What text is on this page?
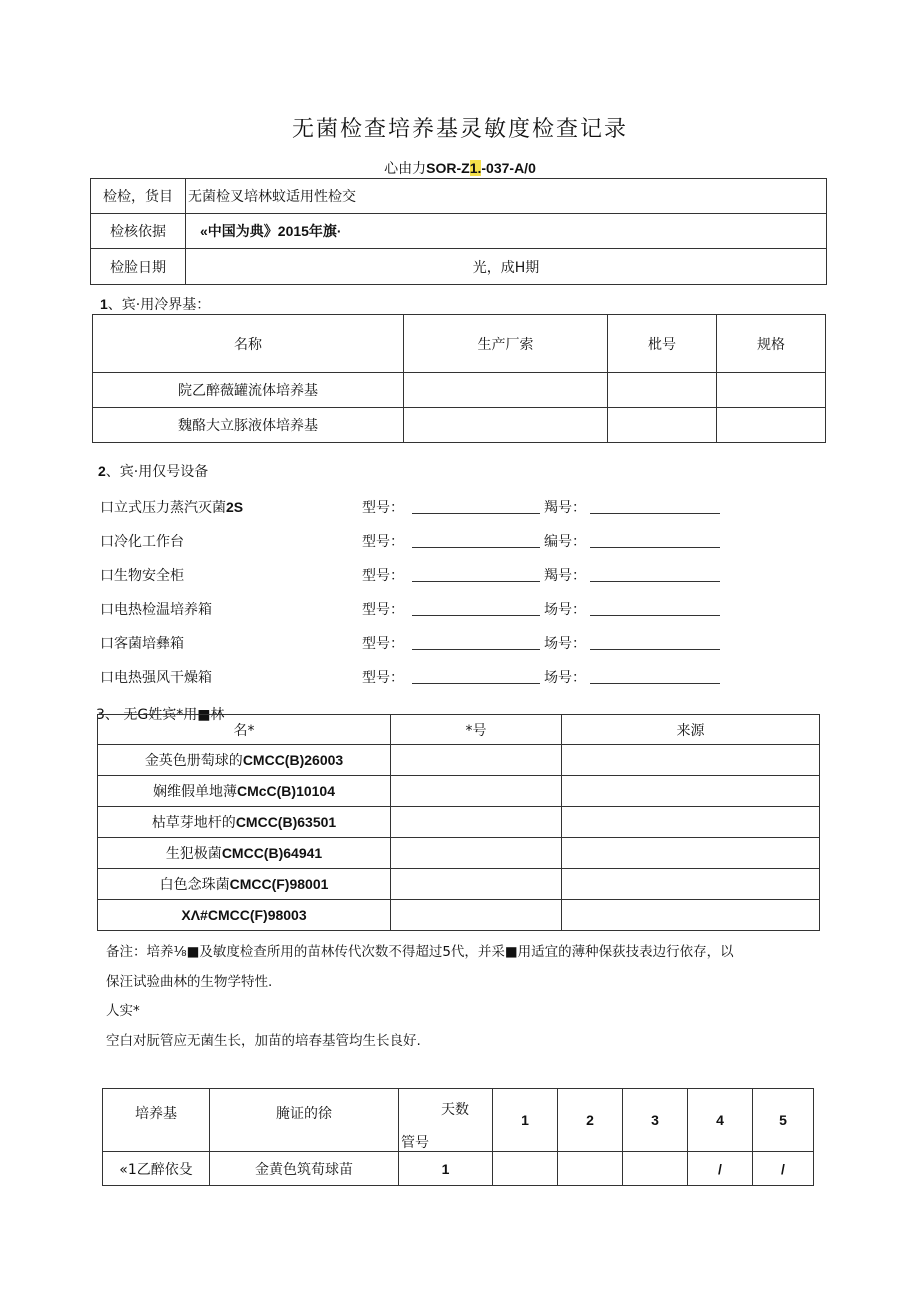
无菌检查培养基灵敏度检查记录
心由力SOR-Z1.-037-A/0
检检，货目	无菌检叉培林蚊适用性检交
检核依据	«中国为典》2015年旗·
检脸日期	光，成H期
1、宾·用冷界基：
名称	生产厂索	枇号	规格
院乙醉薇罐流体培养基			
魏酪大立豚液体培养基			
2、宾·用仅号设备
口立式压力蒸汽灭菌2S	型号：	羯号：
口冷化工作台	型号：	编号：
口生物安全柜	型号：	羯号：
口电热检温培养箱	型号：	场号：
口客菌培彝箱	型号：	场号：
口电热强风干燥箱	型号：	场号：
3、 无G姓宾*用■林
名*	*号	来源
金英色册萄球的CMCC(B)26003		
娴维假单地薄CMcC(B)10104		
枯草芽地杆的CMCC(B)63501		
生犯极菌CMCC(B)64941		
白色念珠菌CMCC(F)98001		
XΛ#CMCC(F)98003		
备注：培养⅛■及敏度检查所用的苗林传代次数不得超过5代，并采■用适宜的薄种保荻技表边行依存，以
保汪试验曲林的生物学特性.
人实*
空白对朊管应无菌生长，加苗的培春基管均生长良好.
培养基	腌证的徐	天数
管号	1	2	3	4	5
«1乙醉依殳	金黄色筑荀球苗	1				/	/
